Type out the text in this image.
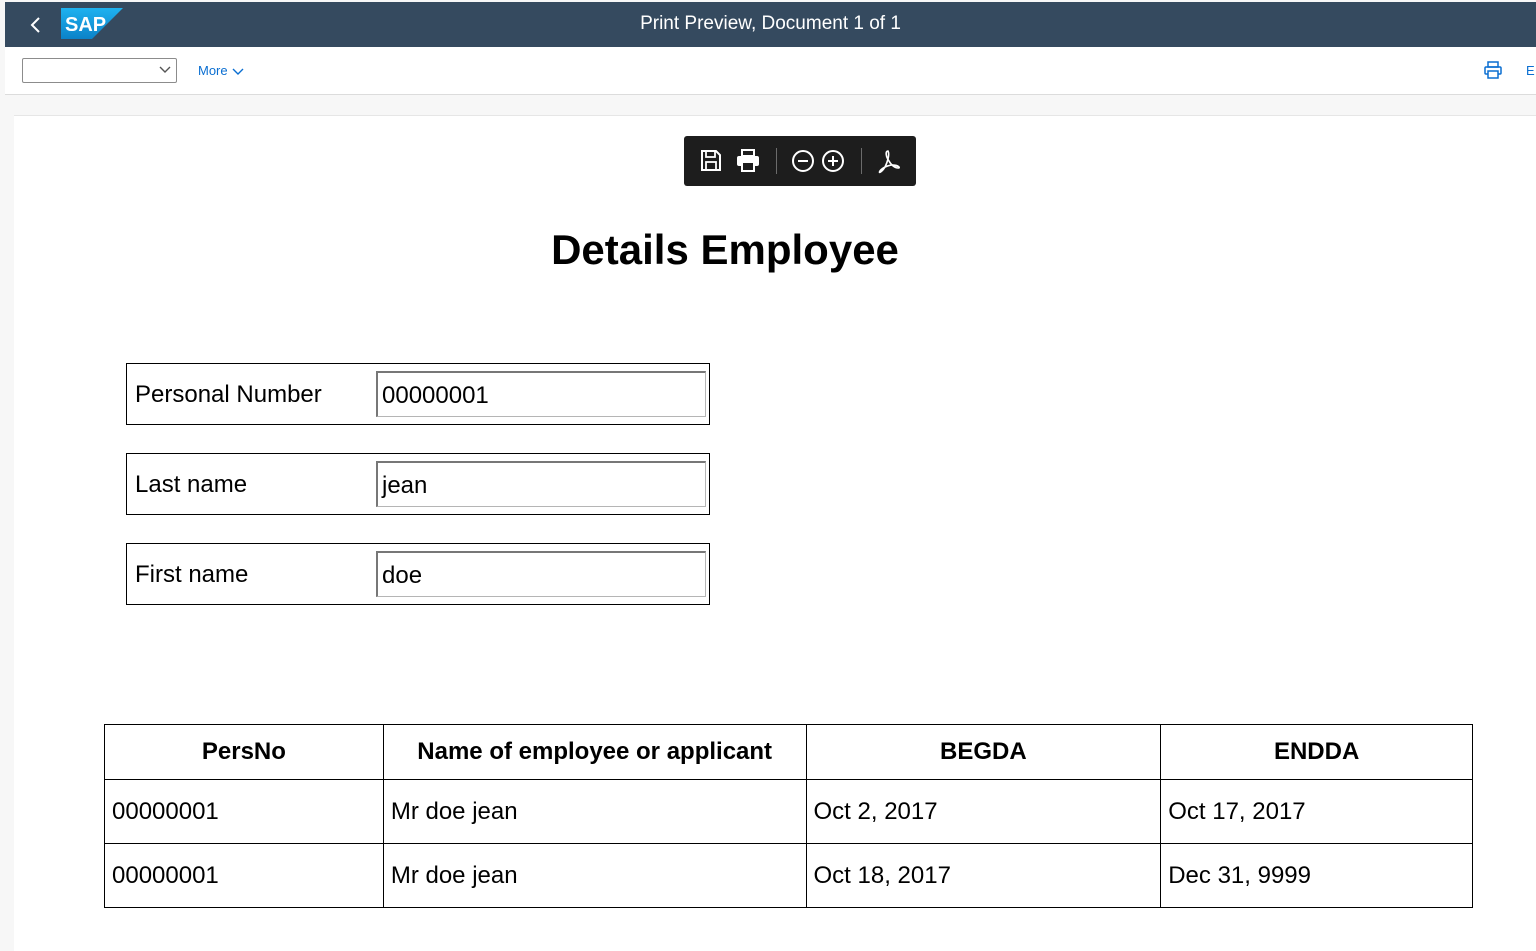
SAP	Print Preview, Document 1 of 1
More	E
Details Employee
Personal Number	00000001
Last name	jean
First name	doe
PersNo	Name of employee or applicant	BEGDA	ENDDA
00000001	Mr doe jean	Oct 2, 2017	Oct 17, 2017
00000001	Mr doe jean	Oct 18, 2017	Dec 31, 9999
